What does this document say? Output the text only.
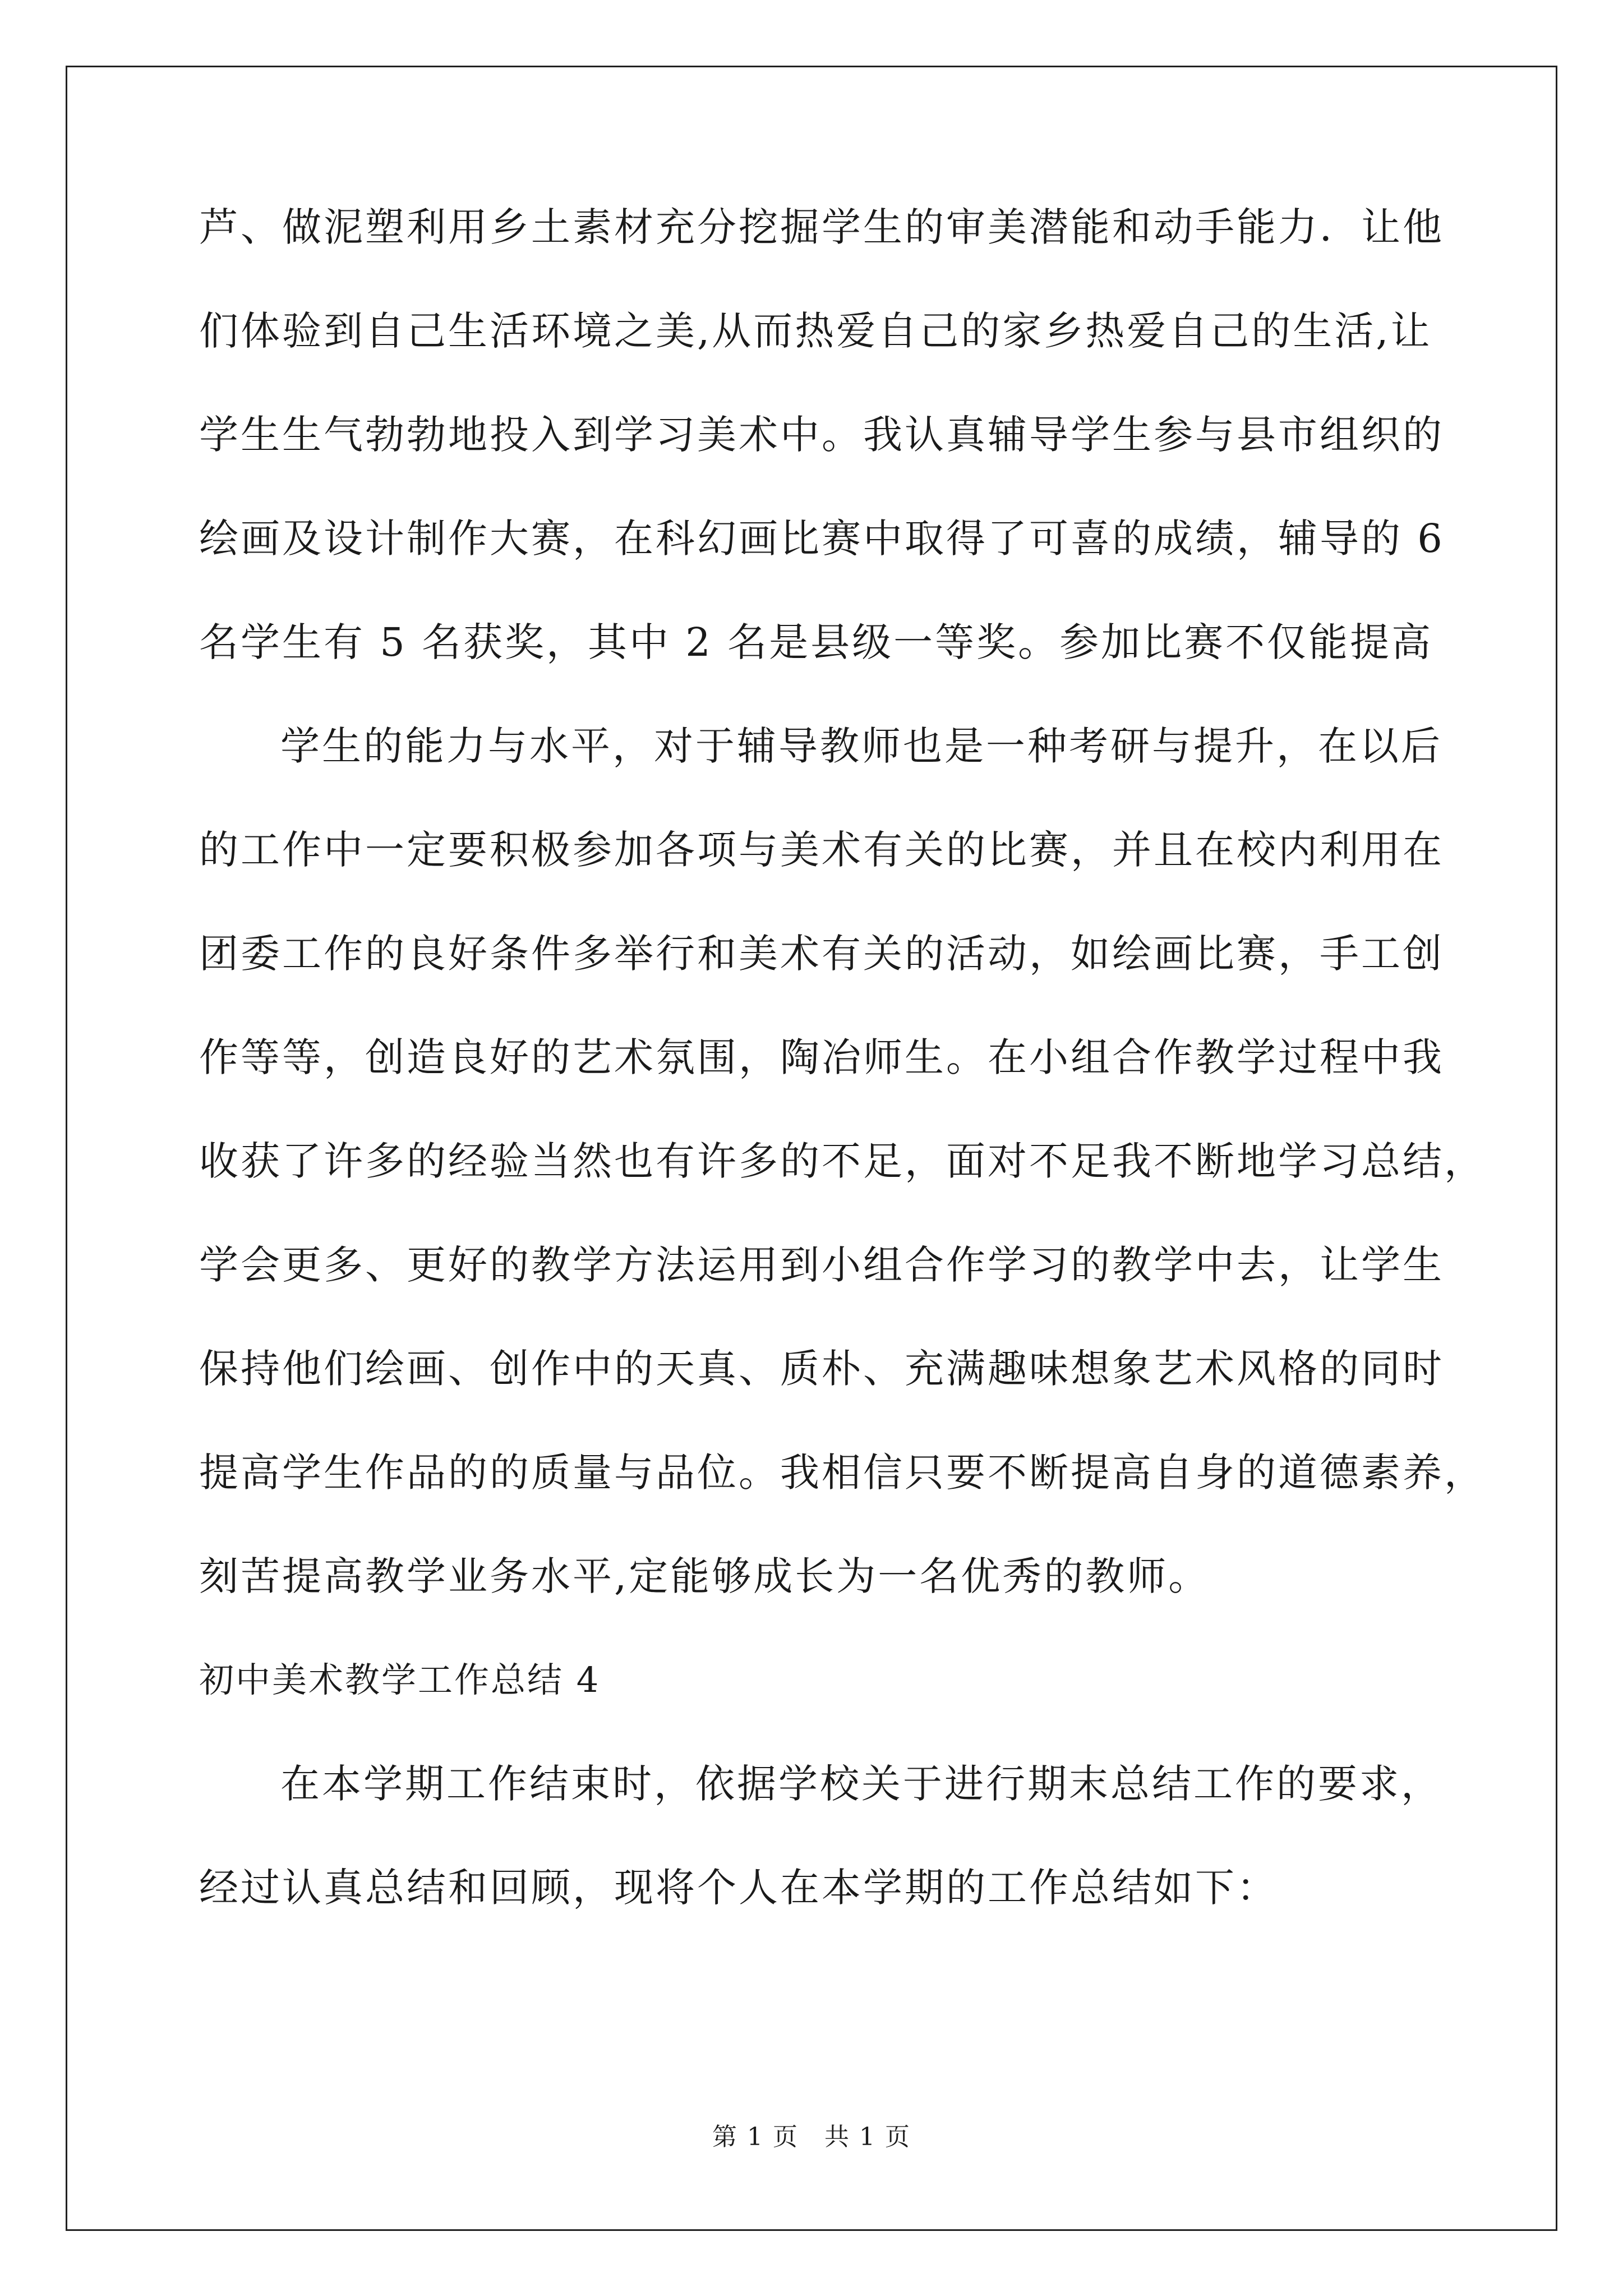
芦、做泥塑利用乡土素材充分挖掘学生的审美潜能和动手能力．让他
们体验到自己生活环境之美,从而热爱自己的家乡热爱自己的生活,让
学生生气勃勃地投入到学习美术中。我认真辅导学生参与县市组织的
绘画及设计制作大赛，在科幻画比赛中取得了可喜的成绩，辅导的 6
名学生有 5 名获奖，其中 2 名是县级一等奖。参加比赛不仅能提高
学生的能力与水平，对于辅导教师也是一种考研与提升，在以后
的工作中一定要积极参加各项与美术有关的比赛，并且在校内利用在
团委工作的良好条件多举行和美术有关的活动，如绘画比赛，手工创
作等等，创造良好的艺术氛围，陶冶师生。在小组合作教学过程中我
收获了许多的经验当然也有许多的不足，面对不足我不断地学习总结，
学会更多、更好的教学方法运用到小组合作学习的教学中去，让学生
保持他们绘画、创作中的天真、质朴、充满趣味想象艺术风格的同时
提高学生作品的的质量与品位。我相信只要不断提高自身的道德素养，
刻苦提高教学业务水平,定能够成长为一名优秀的教师。
初中美术教学工作总结 4
在本学期工作结束时，依据学校关于进行期末总结工作的要求，
经过认真总结和回顾，现将个人在本学期的工作总结如下：
第 1 页　共 1 页
